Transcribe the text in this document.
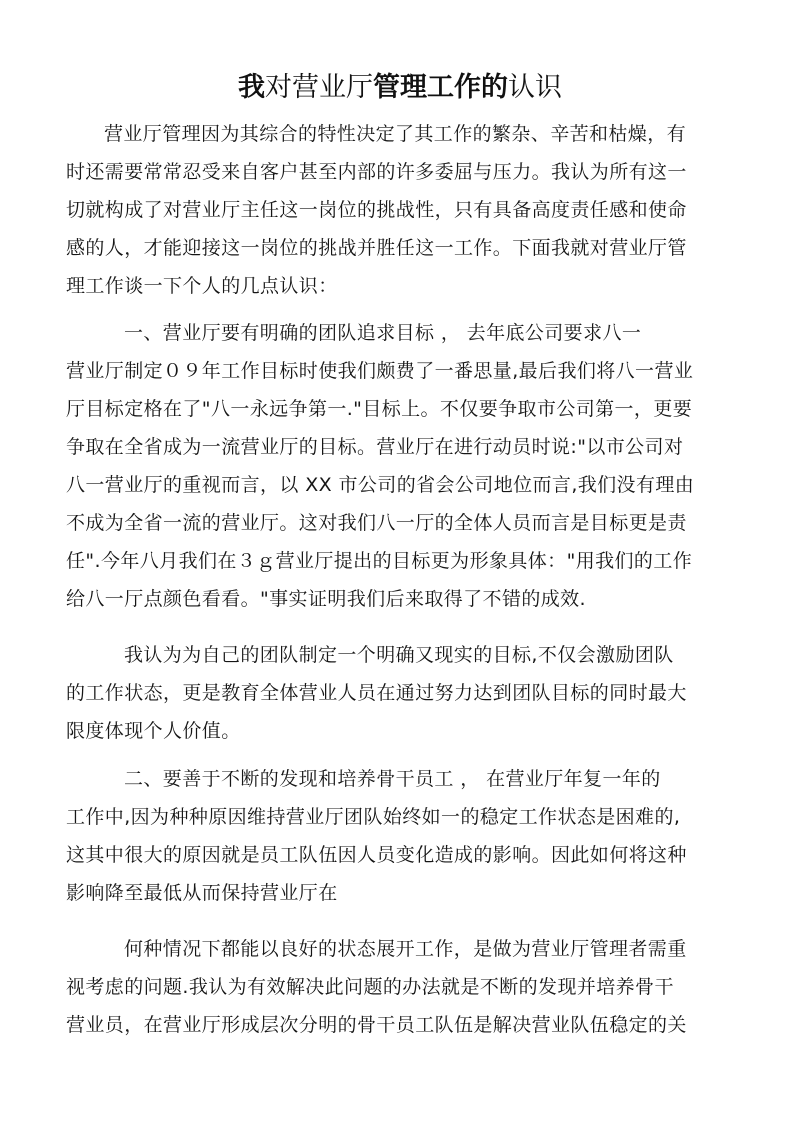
我对营业厅管理工作的认识
营业厅管理因为其综合的特性决定了其工作的繁杂、辛苦和枯燥，有
时还需要常常忍受来自客户甚至内部的许多委屈与压力。我认为所有这一
切就构成了对营业厅主任这一岗位的挑战性，只有具备高度责任感和使命
感的人，才能迎接这一岗位的挑战并胜任这一工作。下面我就对营业厅管
理工作谈一下个人的几点认识：
一、营业厅要有明确的团队追求目标 ， 去年底公司要求八一
营业厅制定０９年工作目标时使我们颇费了一番思量,最后我们将八一营业
厅目标定格在了"八一永远争第一."目标上。不仅要争取市公司第一，更要
争取在全省成为一流营业厅的目标。营业厅在进行动员时说:"以市公司对
八一营业厅的重视而言，以 XX 市公司的省会公司地位而言,我们没有理由
不成为全省一流的营业厅。这对我们八一厅的全体人员而言是目标更是责
任".今年八月我们在３ｇ营业厅提出的目标更为形象具体："用我们的工作
给八一厅点颜色看看。"事实证明我们后来取得了不错的成效.
我认为为自己的团队制定一个明确又现实的目标,不仅会激励团队
的工作状态，更是教育全体营业人员在通过努力达到团队目标的同时最大
限度体现个人价值。
二、要善于不断的发现和培养骨干员工 ， 在营业厅年复一年的
工作中,因为种种原因维持营业厅团队始终如一的稳定工作状态是困难的,
这其中很大的原因就是员工队伍因人员变化造成的影响。因此如何将这种
影响降至最低从而保持营业厅在
何种情况下都能以良好的状态展开工作，是做为营业厅管理者需重
视考虑的问题.我认为有效解决此问题的办法就是不断的发现并培养骨干
营业员，在营业厅形成层次分明的骨干员工队伍是解决营业队伍稳定的关
